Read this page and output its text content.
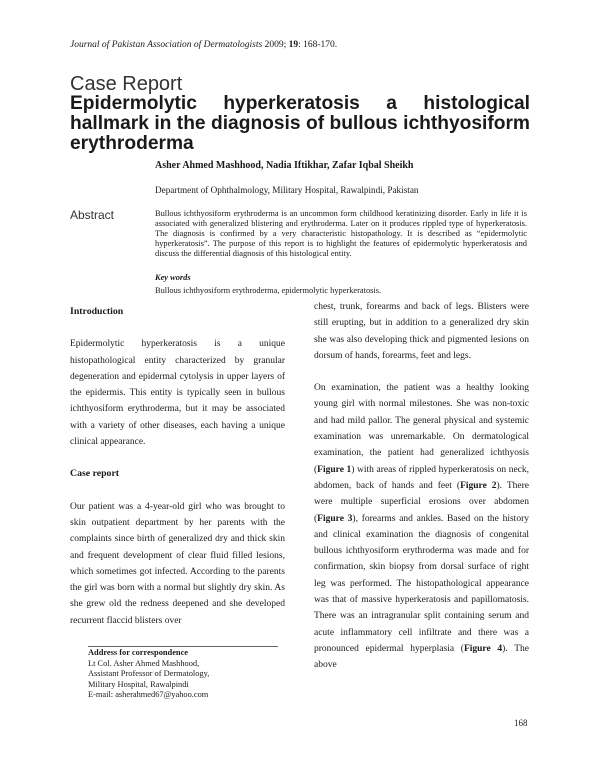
Journal of Pakistan Association of Dermatologists 2009; 19: 168-170.
Case Report
Epidermolytic hyperkeratosis a histological hallmark in the diagnosis of bullous ichthyosiform erythroderma
Asher Ahmed Mashhood, Nadia Iftikhar, Zafar Iqbal Sheikh
Department of Ophthalmology, Military Hospital, Rawalpindi, Pakistan
Abstract	Bullous ichthyosiform erythroderma is an uncommon form childhood keratinizing disorder. Early in life it is associated with generalized blistering and erythroderma. Later on it produces rippled type of hyperkeratosis. The diagnosis is confirmed by a very characteristic histopathology. It is described as “epidermolytic hyperkeratosis”. The purpose of this report is to highlight the features of epidermolytic hyperkeratosis and discuss the differential diagnosis of this histological entity.
Key words
Bullous ichthyosiform erythroderma, epidermolytic hyperkeratosis.
Introduction

Epidermolytic hyperkeratosis is a unique histopathological entity characterized by granular degeneration and epidermal cytolysis in upper layers of the epidermis. This entity is typically seen in bullous ichthyosiform erythroderma, but it may be associated with a variety of other diseases, each having a unique clinical appearance.

Case report

Our patient was a 4-year-old girl who was brought to skin outpatient department by her parents with the complaints since birth of generalized dry and thick skin and frequent development of clear fluid filled lesions, which sometimes got infected. According to the parents the girl was born with a normal but slightly dry skin. As she grew old the redness deepened and she developed recurrent flaccid blisters over

chest, trunk, forearms and back of legs. Blisters were still erupting, but in addition to a generalized dry skin she was also developing thick and pigmented lesions on dorsum of hands, forearms, feet and legs.

On examination, the patient was a healthy looking young girl with normal milestones. She was non-toxic and had mild pallor. The general physical and systemic examination was unremarkable. On dermatological examination, the patient had generalized ichthyosis (Figure 1) with areas of rippled hyperkeratosis on neck, abdomen, back of hands and feet (Figure 2). There were multiple superficial erosions over abdomen (Figure 3), forearms and ankles. Based on the history and clinical examination the diagnosis of congenital bullous ichthyosiform erythroderma was made and for confirmation, skin biopsy from dorsal surface of right leg was performed. The histopathological appearance was that of massive hyperkeratosis and papillomatosis. There was an intragranular split containing serum and acute inflammatory cell infiltrate and there was a pronounced epidermal hyperplasia (Figure 4). The above

Address for correspondence
Lt Col. Asher Ahmed Mashhood,
Assistant Professor of Dermatology,
Military Hospital, Rawalpindi
E-mail: asherahmed67@yahoo.com
168
